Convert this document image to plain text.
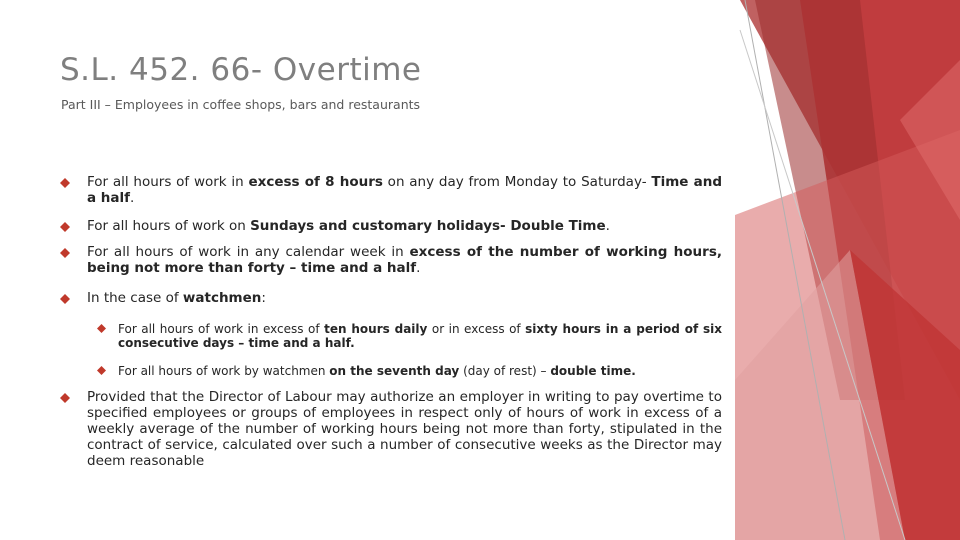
S.L. 452. 66- Overtime

Part III – Employees in coffee shops, bars and restaurants

For all hours of work in excess of 8 hours on any day from Monday to Saturday- Time and a half.
For all hours of work on Sundays and customary holidays- Double Time.
For all hours of work in any calendar week in excess of the number of working hours, being not more than forty – time and a half.
In the case of watchmen:
For all hours of work in excess of ten hours daily or in excess of sixty hours in a period of six consecutive days – time and a half.
For all hours of work by watchmen on the seventh day (day of rest) – double time.
Provided that the Director of Labour may authorize an employer in writing to pay overtime to specified employees or groups of employees in respect only of hours of work in excess of a weekly average of the number of working hours being not more than forty, stipulated in the contract of service, calculated over such a number of consecutive weeks as the Director may deem reasonable
